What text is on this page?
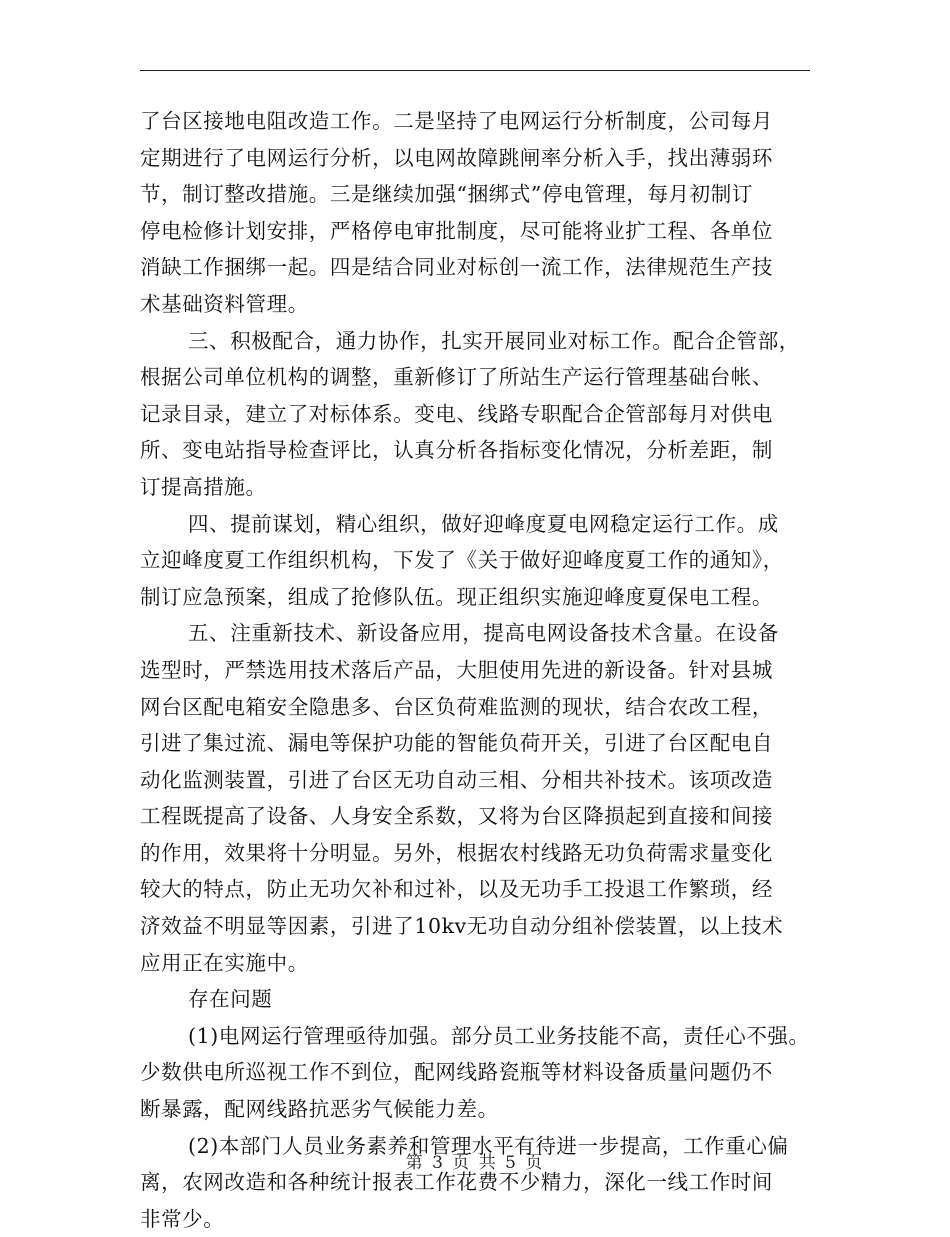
了台区接地电阻改造工作。二是坚持了电网运行分析制度，公司每月
定期进行了电网运行分析，以电网故障跳闸率分析入手，找出薄弱环
节，制订整改措施。三是继续加强“捆绑式”停电管理，每月初制订
停电检修计划安排，严格停电审批制度，尽可能将业扩工程、各单位
消缺工作捆绑一起。四是结合同业对标创一流工作，法律规范生产技
术基础资料管理。
三、积极配合，通力协作，扎实开展同业对标工作。配合企管部，
根据公司单位机构的调整，重新修订了所站生产运行管理基础台帐、
记录目录，建立了对标体系。变电、线路专职配合企管部每月对供电
所、变电站指导检查评比，认真分析各指标变化情况，分析差距，制
订提高措施。
四、提前谋划，精心组织，做好迎峰度夏电网稳定运行工作。成
立迎峰度夏工作组织机构，下发了《关于做好迎峰度夏工作的通知》，
制订应急预案，组成了抢修队伍。现正组织实施迎峰度夏保电工程。
五、注重新技术、新设备应用，提高电网设备技术含量。在设备
选型时，严禁选用技术落后产品，大胆使用先进的新设备。针对县城
网台区配电箱安全隐患多、台区负荷难监测的现状，结合农改工程，
引进了集过流、漏电等保护功能的智能负荷开关，引进了台区配电自
动化监测装置，引进了台区无功自动三相、分相共补技术。该项改造
工程既提高了设备、人身安全系数，又将为台区降损起到直接和间接
的作用，效果将十分明显。另外，根据农村线路无功负荷需求量变化
较大的特点，防止无功欠补和过补，以及无功手工投退工作繁琐，经
济效益不明显等因素，引进了10kv无功自动分组补偿装置，以上技术
应用正在实施中。
存在问题
(1)电网运行管理亟待加强。部分员工业务技能不高，责任心不强。
少数供电所巡视工作不到位，配网线路瓷瓶等材料设备质量问题仍不
断暴露，配网线路抗恶劣气候能力差。
(2)本部门人员业务素养和管理水平有待进一步提高，工作重心偏
离，农网改造和各种统计报表工作花费不少精力，深化一线工作时间
非常少。
第 3 页 共 5 页
